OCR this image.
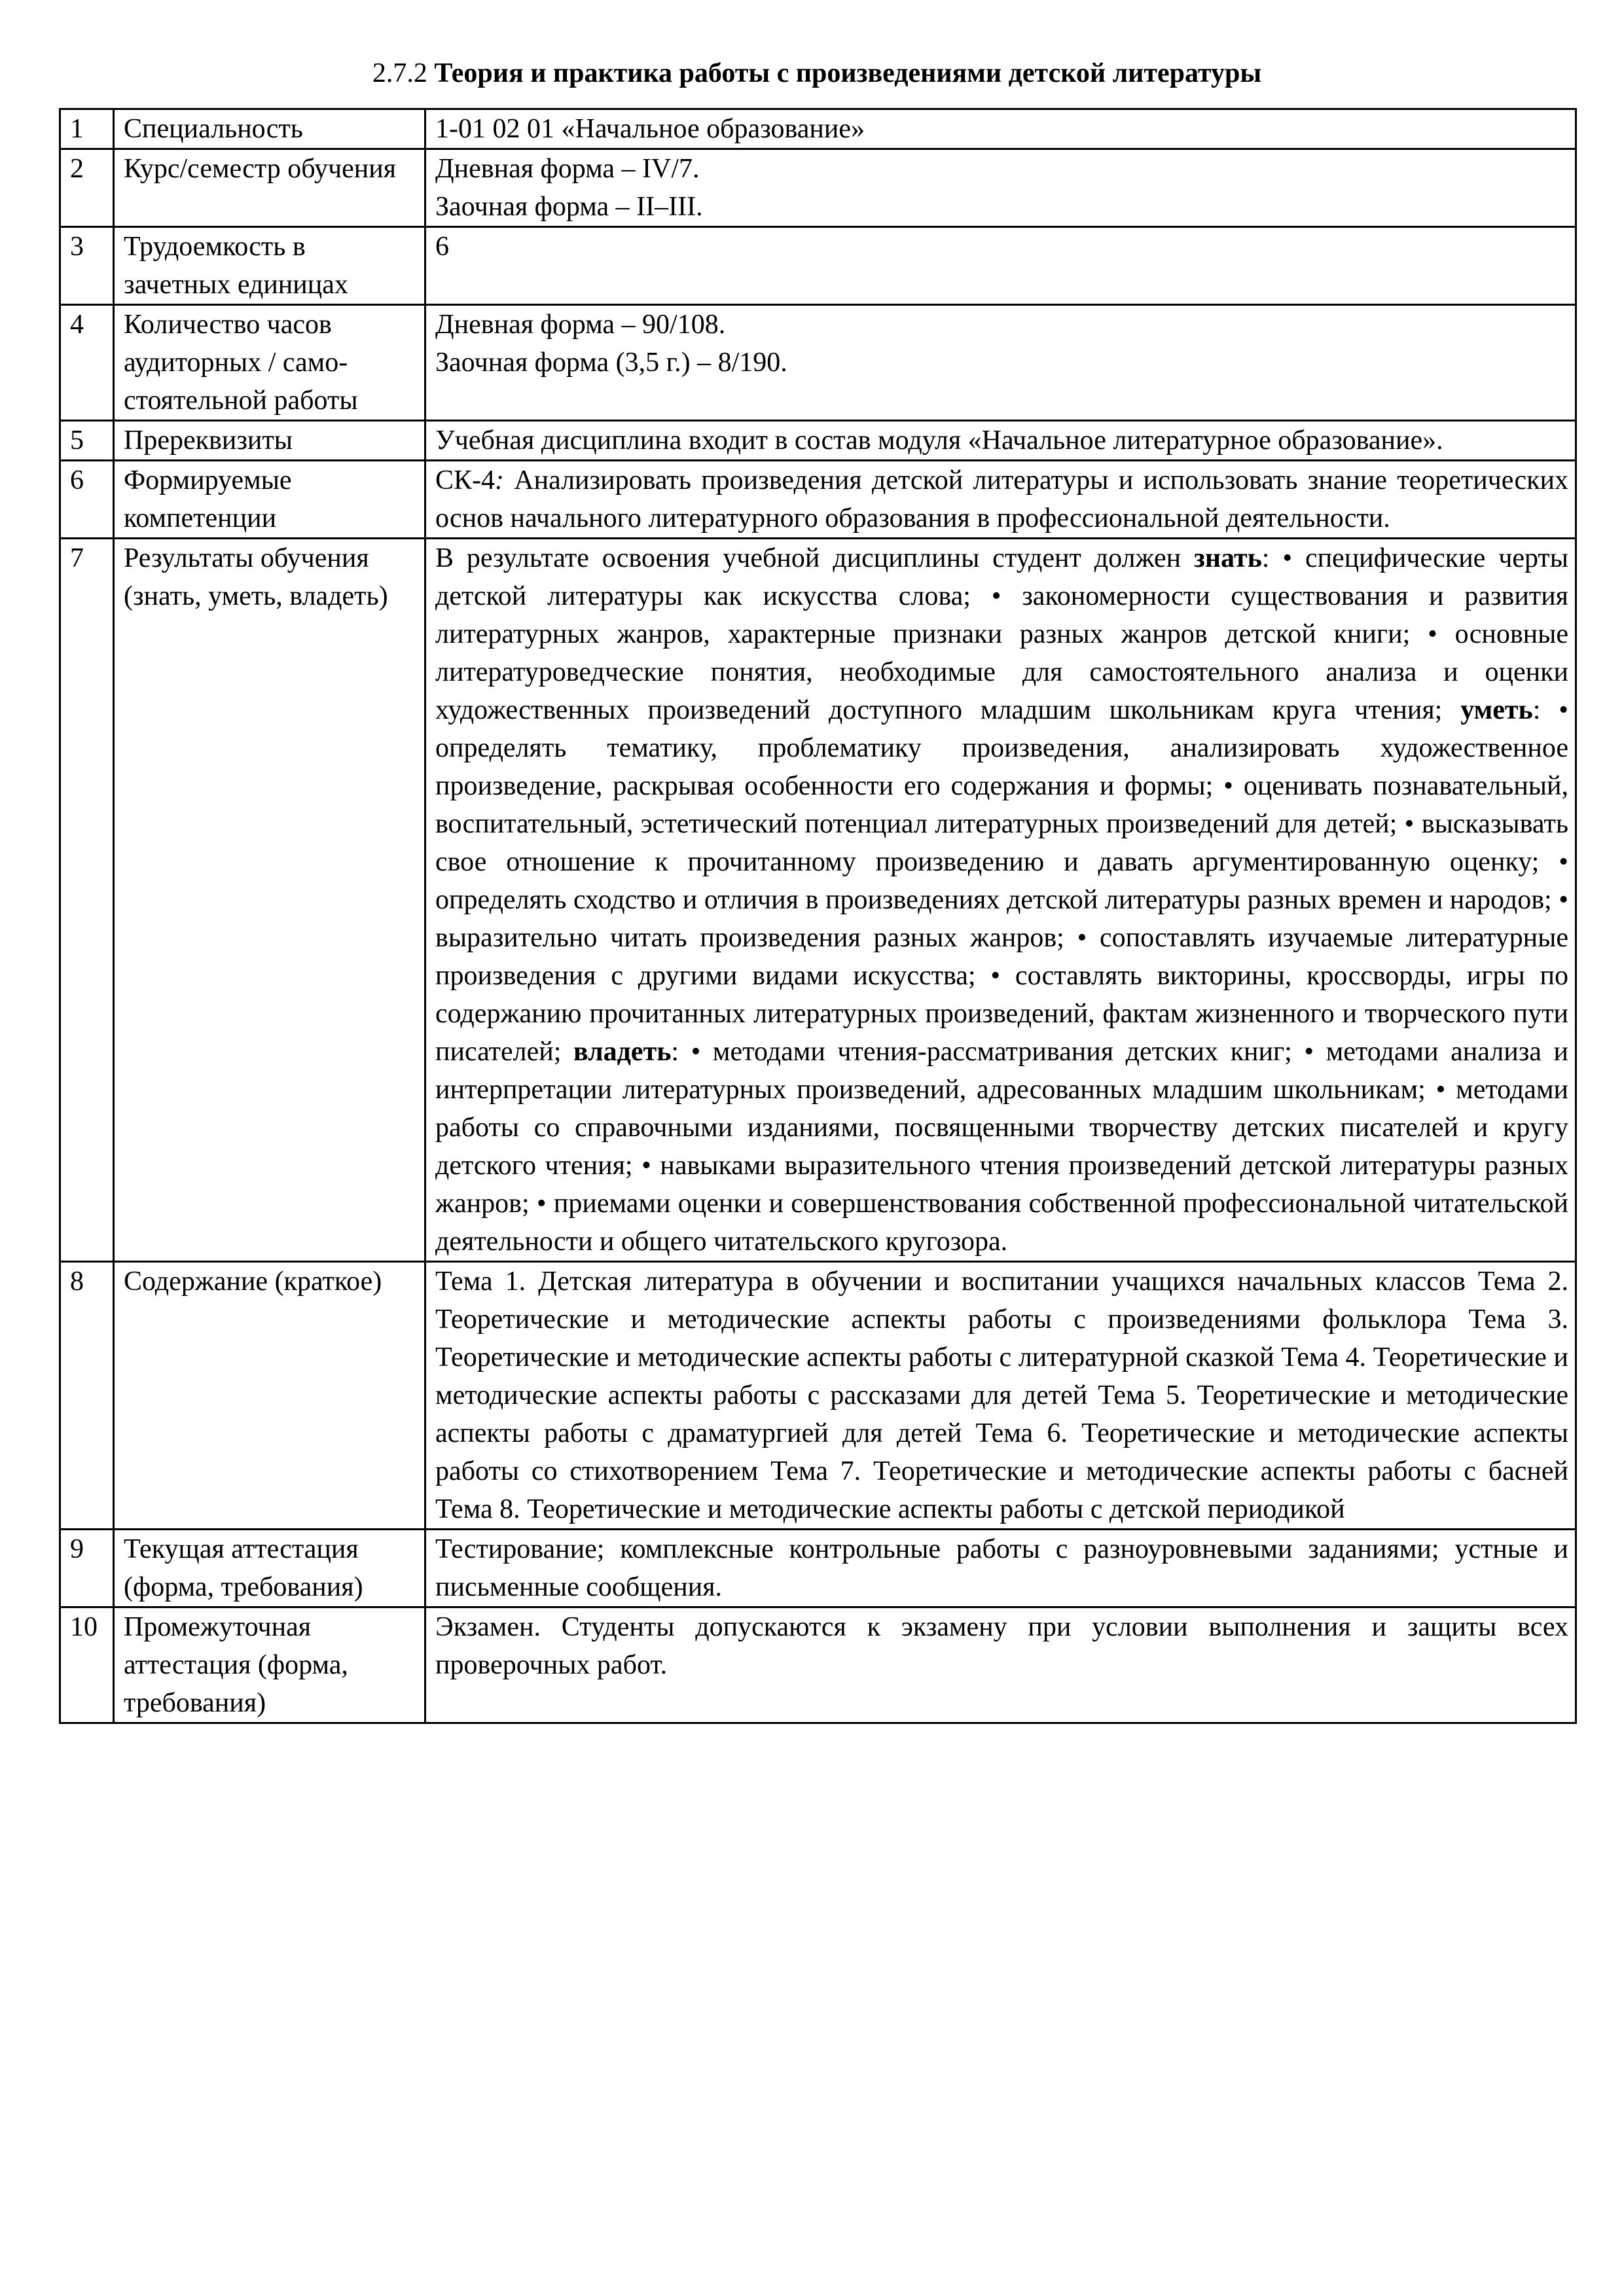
2.7.2 Теория и практика работы с произведениями детской литературы
1	Специальность	1-01 02 01 «Начальное образование»

2	Курс/семестр обучения	Дневная форма – IV/7.
Заочная форма – II–III.

3	Трудоемкость в зачетных единицах	6

4	Количество часов аудиторных / само-стоятельной работы	Дневная форма – 90/108.
Заочная форма (3,5 г.) – 8/190.

5	Пререквизиты	Учебная дисциплина входит в состав модуля «Начальное литературное образование».
6	Формируемые компетенции	СК-4: Анализировать произведения детской литературы и использовать знание теоретических основ начального литературного образования в профессиональной деятельности.
7	Результаты обучения (знать, уметь, владеть)	В результате освоения учебной дисциплины студент должен знать: • специфические черты детской литературы как искусства слова; • закономерности существования и развития литературных жанров, характерные признаки разных жанров детской книги; • основные литературоведческие понятия, необходимые для самостоятельного анализа и оценки художественных произведений доступного младшим школьникам круга чтения; уметь: • определять тематику, проблематику произведения, анализировать художественное произведение, раскрывая особенности его содержания и формы; • оценивать познавательный, воспитательный, эстетический потенциал литературных произведений для детей; • высказывать свое отношение к прочитанному произведению и давать аргументированную оценку; • определять сходство и отличия в произведениях детской литературы разных времен и народов; • выразительно читать произведения разных жанров; • сопоставлять изучаемые литературные произведения с другими видами искусства; • составлять викторины, кроссворды, игры по содержанию прочитанных литературных произведений, фактам жизненного и творческого пути писателей; владеть: • методами чтения-рассматривания детских книг; • методами анализа и интерпретации литературных произведений, адресованных младшим школьникам; • методами работы со справочными изданиями, посвященными творчеству детских писателей и кругу детского чтения; • навыками выразительного чтения произведений детской литературы разных жанров; • приемами оценки и совершенствования собственной профессиональной читательской деятельности и общего читательского кругозора.
8	Содержание (краткое)	Тема 1. Детская литература в обучении и воспитании учащихся начальных классов Тема 2. Теоретические и методические аспекты работы с произведениями фольклора Тема 3. Теоретические и методические аспекты работы с литературной сказкой Тема 4. Теоретические и методические аспекты работы с рассказами для детей Тема 5. Теоретические и методические аспекты работы с драматургией для детей Тема 6. Теоретические и методические аспекты работы со стихотворением Тема 7. Теоретические и методические аспекты работы с басней Тема 8. Теоретические и методические аспекты работы с детской периодикой
9	Текущая аттестация (форма, требования)	Тестирование; комплексные контрольные работы с разноуровневыми заданиями; устные и письменные сообщения.
10	Промежуточная аттестация (форма, требования)	Экзамен. Студенты допускаются к экзамену при условии выполнения и защиты всех проверочных работ.
